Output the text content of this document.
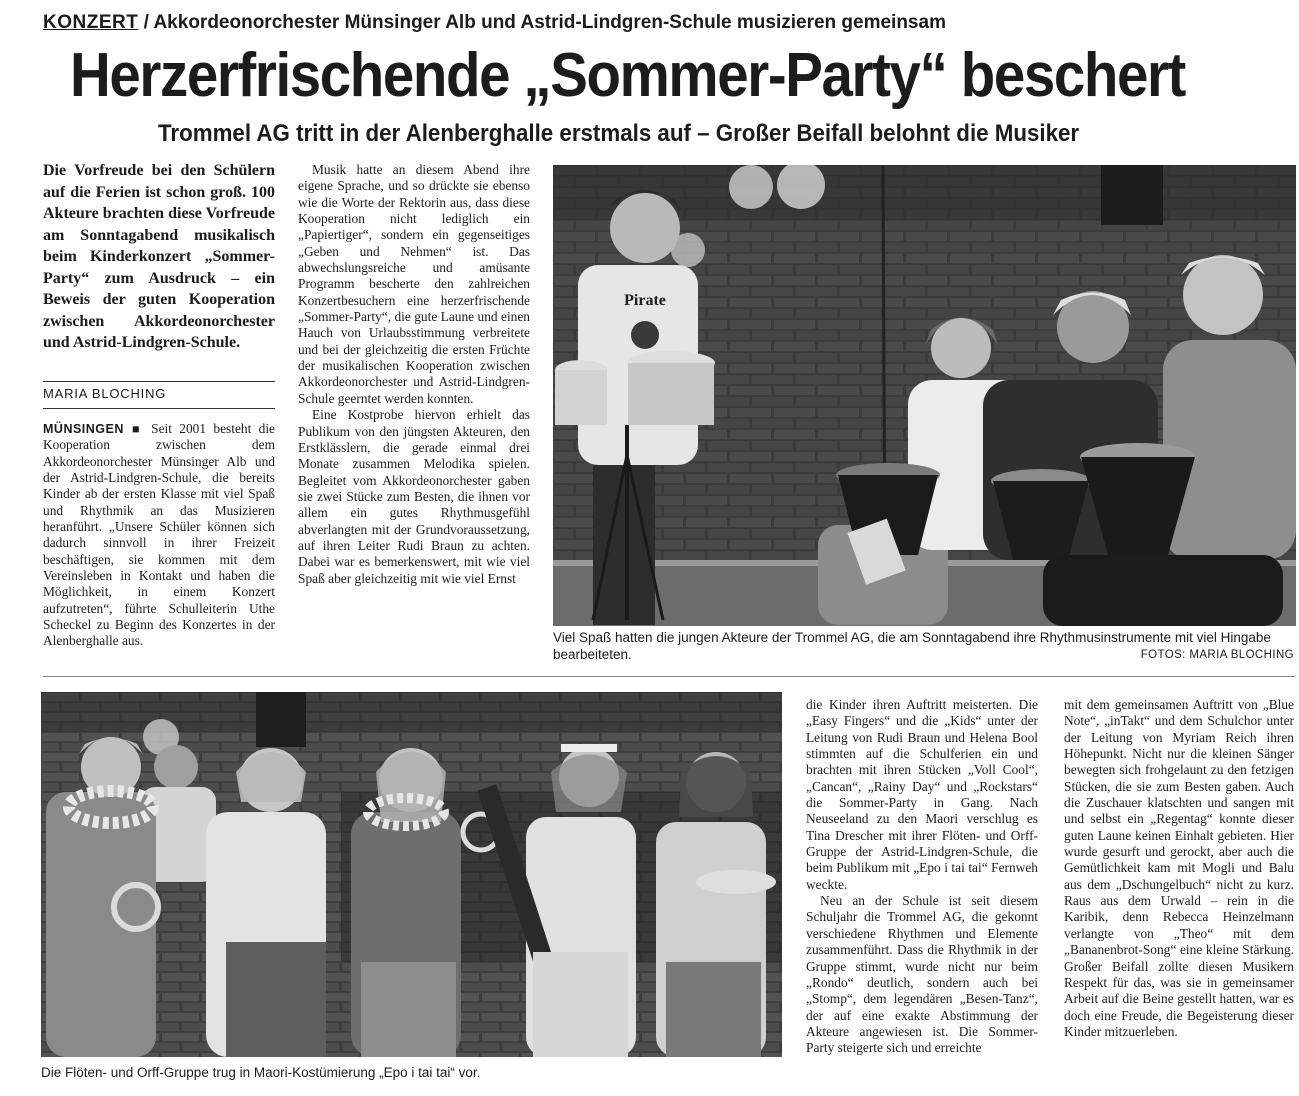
KONZERT / Akkordeonorchester Münsinger Alb und Astrid-Lindgren-Schule musizieren gemeinsam
Herzerfrischende „Sommer-Party“ beschert
Trommel AG tritt in der Alenberghalle erstmals auf – Großer Beifall belohnt die Musiker
Die Vorfreude bei den Schülern auf die Ferien ist schon groß. 100 Akteure brachten diese Vorfreude am Sonntagabend musikalisch beim Kinderkonzert „Sommer-Party“ zum Ausdruck – ein Beweis der guten Kooperation zwischen Akkordeonorchester und Astrid-Lindgren-Schule.
MARIA BLOCHING

MÜNSINGEN ■ Seit 2001 besteht die Kooperation zwischen dem Akkordeonorchester Münsinger Alb und der Astrid-Lindgren-Schule, die bereits Kinder ab der ersten Klasse mit viel Spaß und Rhythmik an das Musizieren heranführt. „Unsere Schüler können sich dadurch sinnvoll in ihrer Freizeit beschäftigen, sie kommen mit dem Vereinsleben in Kontakt und haben die Möglichkeit, in einem Konzert aufzutreten“, führte Schulleiterin Uthe Scheckel zu Beginn des Konzertes in der Alenberghalle aus.

Musik hatte an diesem Abend ihre eigene Sprache, und so drückte sie ebenso wie die Worte der Rektorin aus, dass diese Kooperation nicht lediglich ein „Papiertiger“, sondern ein gegenseitiges „Geben und Nehmen“ ist. Das abwechslungsreiche und amüsante Programm bescherte den zahlreichen Konzertbesuchern eine herzerfrischende „Sommer-Party“, die gute Laune und einen Hauch von Urlaubsstimmung verbreitete und bei der gleichzeitig die ersten Früchte der musikalischen Kooperation zwischen Akkordeonorchester und Astrid-Lindgren-Schule geerntet werden konnten.

Eine Kostprobe hiervon erhielt das Publikum von den jüngsten Akteuren, den Erstklässlern, die gerade einmal drei Monate zusammen Melodika spielen. Begleitet vom Akkordeonorchester gaben sie zwei Stücke zum Besten, die ihnen vor allem ein gutes Rhythmusgefühl abverlangten mit der Grundvoraussetzung, auf ihren Leiter Rudi Braun zu achten. Dabei war es bemerkenswert, mit wie viel Spaß aber gleichzeitig mit wie viel Ernst

Pirate
Viel Spaß hatten die jungen Akteure der Trommel AG, die am Sonntagabend ihre Rhythmusinstrumente mit viel Hingabe bearbeiteten.	FOTOS: MARIA BLOCHING
Die Flöten- und Orff-Gruppe trug in Maori-Kostümierung „Epo i tai tai“ vor.

die Kinder ihren Auftritt meisterten. Die „Easy Fingers“ und die „Kids“ unter der Leitung von Rudi Braun und Helena Bool stimmten auf die Schulferien ein und brachten mit ihren Stücken „Voll Cool“, „Cancan“, „Rainy Day“ und „Rockstars“ die Sommer-Party in Gang. Nach Neuseeland zu den Maori verschlug es Tina Drescher mit ihrer Flöten- und Orff-Gruppe der Astrid-Lindgren-Schule, die beim Publikum mit „Epo i tai tai“ Fernweh weckte.

Neu an der Schule ist seit diesem Schuljahr die Trommel AG, die gekonnt verschiedene Rhythmen und Elemente zusammenführt. Dass die Rhythmik in der Gruppe stimmt, wurde nicht nur beim „Rondo“ deutlich, sondern auch bei „Stomp“, dem legendären „Besen-Tanz“, der auf eine exakte Abstimmung der Akteure angewiesen ist. Die Sommer-Party steigerte sich und erreichte

mit dem gemeinsamen Auftritt von „Blue Note“, „inTakt“ und dem Schulchor unter der Leitung von Myriam Reich ihren Höhepunkt. Nicht nur die kleinen Sänger bewegten sich frohgelaunt zu den fetzigen Stücken, die sie zum Besten gaben. Auch die Zuschauer klatschten und sangen mit und selbst ein „Regentag“ konnte dieser guten Laune keinen Einhalt gebieten. Hier wurde gesurft und gerockt, aber auch die Gemütlichkeit kam mit Mogli und Balu aus dem „Dschungelbuch“ nicht zu kurz. Raus aus dem Urwald – rein in die Karibik, denn Rebecca Heinzelmann verlangte von „Theo“ mit dem „Bananenbrot-Song“ eine kleine Stärkung. Großer Beifall zollte diesen Musikern Respekt für das, was sie in gemeinsamer Arbeit auf die Beine gestellt hatten, war es doch eine Freude, die Begeisterung dieser Kinder mitzuerleben.
